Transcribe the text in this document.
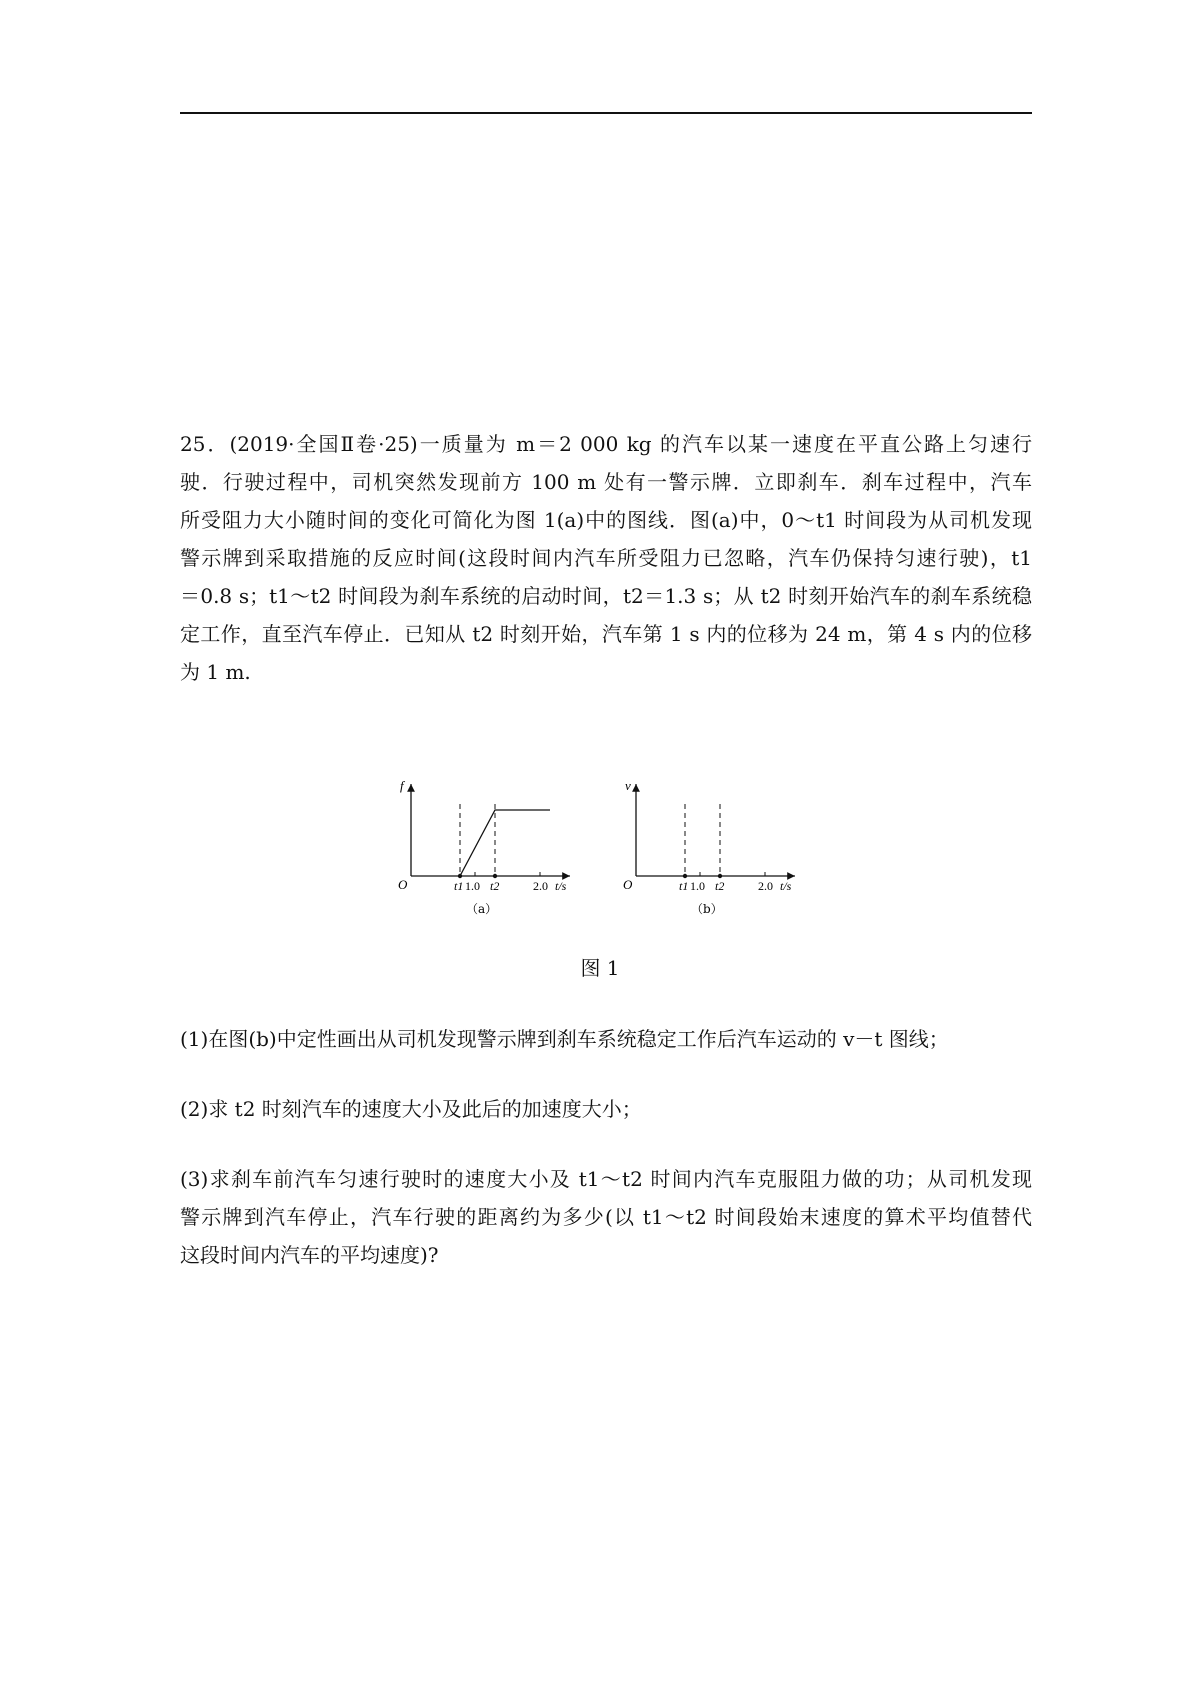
25．(2019·全国Ⅱ卷·25)一质量为 m＝2 000 kg 的汽车以某一速度在平直公路上匀速行
驶．行驶过程中，司机突然发现前方 100 m 处有一警示牌．立即刹车．刹车过程中，汽车
所受阻力大小随时间的变化可简化为图 1(a)中的图线．图(a)中，0～t1 时间段为从司机发现
警示牌到采取措施的反应时间(这段时间内汽车所受阻力已忽略，汽车仍保持匀速行驶)，t1
＝0.8 s；t1～t2 时间段为刹车系统的启动时间，t2＝1.3 s；从 t2 时刻开始汽车的刹车系统稳
定工作，直至汽车停止．已知从 t2 时刻开始，汽车第 1 s 内的位移为 24 m，第 4 s 内的位移
为 1 m.
f
O	t1 1.0 t2	2.0 t/s
（a）
v
O	t1 1.0 t2	2.0 t/s
（b）
图 1
(1)在图(b)中定性画出从司机发现警示牌到刹车系统稳定工作后汽车运动的 v－t 图线；
(2)求 t2 时刻汽车的速度大小及此后的加速度大小；
(3)求刹车前汽车匀速行驶时的速度大小及 t1～t2 时间内汽车克服阻力做的功；从司机发现
警示牌到汽车停止，汽车行驶的距离约为多少(以 t1～t2 时间段始末速度的算术平均值替代
这段时间内汽车的平均速度)?
